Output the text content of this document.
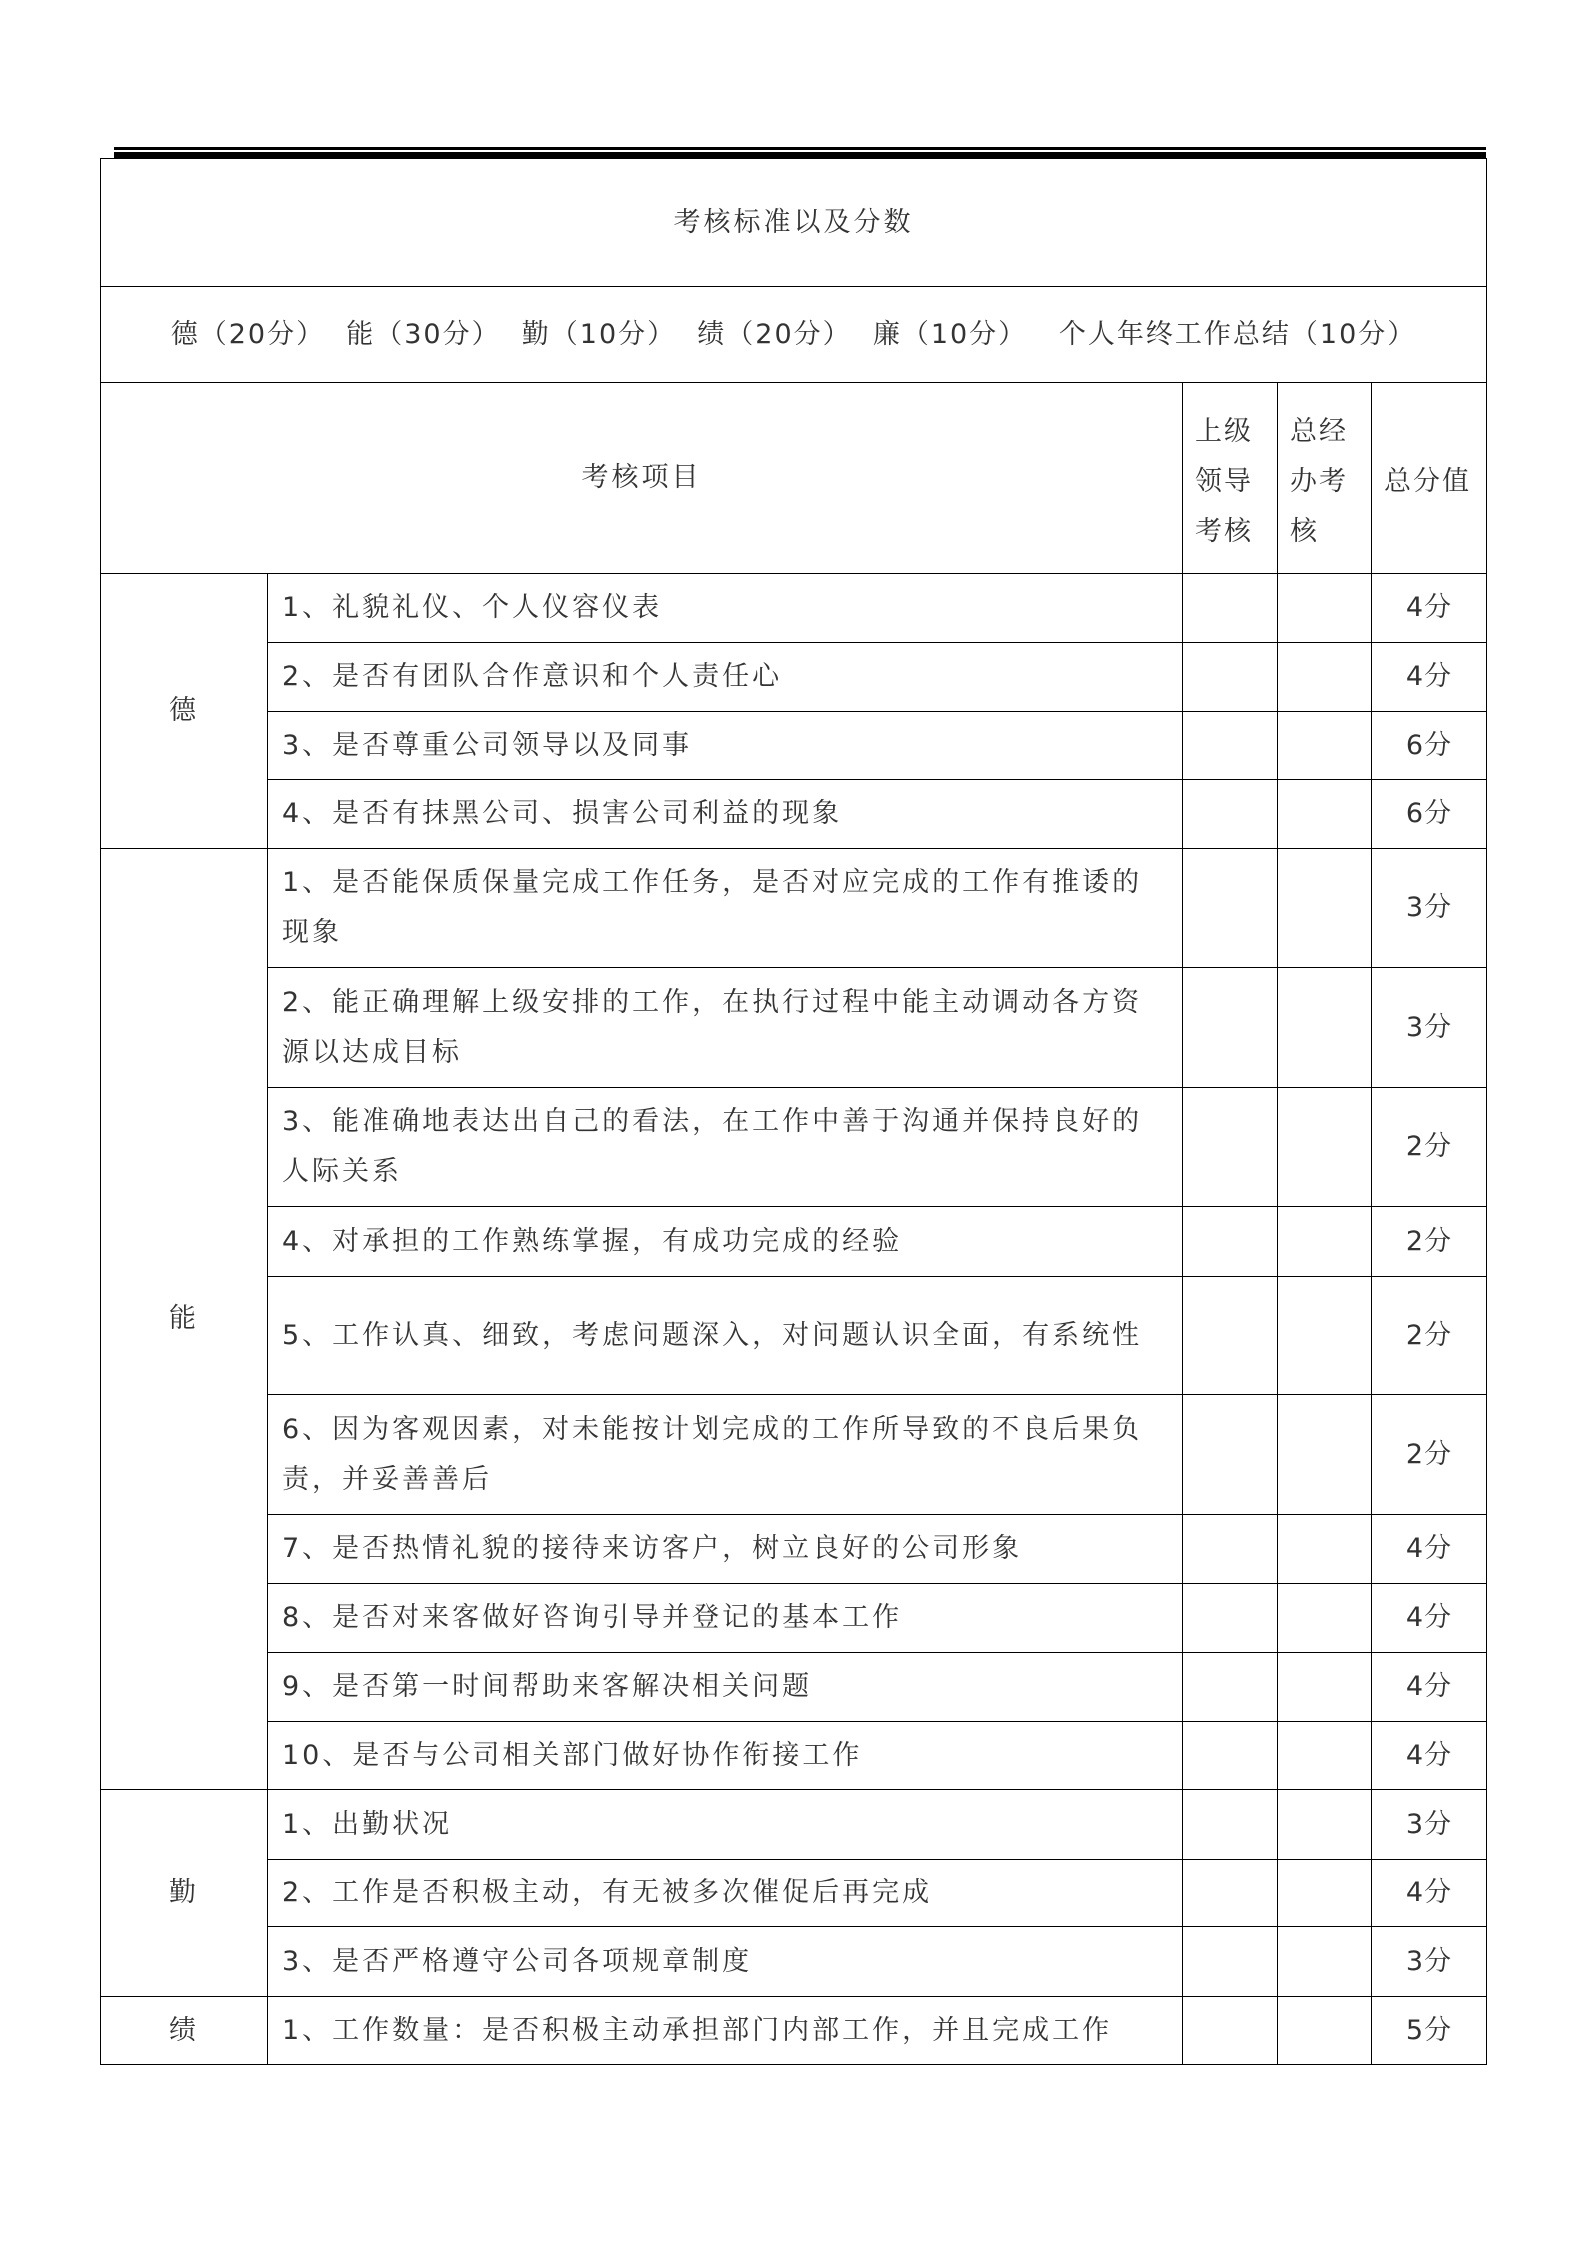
考核标准以及分数				
德（20分）  能（30分）  勤（10分）  绩（20分）  廉（10分）   个人年终工作总结（10分）				
考核项目		上级领导考核	总经办考核	总分值
德	1、礼貌礼仪、个人仪容仪表			4分
	2、是否有团队合作意识和个人责任心			4分
	3、是否尊重公司领导以及同事			6分
	4、是否有抹黑公司、损害公司利益的现象			6分
能	1、是否能保质保量完成工作任务，是否对应完成的工作有推诿的现象			3分
	2、能正确理解上级安排的工作，在执行过程中能主动调动各方资源以达成目标			3分
	3、能准确地表达出自己的看法，在工作中善于沟通并保持良好的人际关系			2分
	4、对承担的工作熟练掌握，有成功完成的经验			2分
	5、工作认真、细致，考虑问题深入，对问题认识全面，有系统性			2分
	6、因为客观因素，对未能按计划完成的工作所导致的不良后果负责，并妥善善后			2分
	7、是否热情礼貌的接待来访客户，树立良好的公司形象			4分
	8、是否对来客做好咨询引导并登记的基本工作			4分
	9、是否第一时间帮助来客解决相关问题			4分
	10、是否与公司相关部门做好协作衔接工作			4分
勤	1、出勤状况			3分
	2、工作是否积极主动，有无被多次催促后再完成			4分
	3、是否严格遵守公司各项规章制度			3分
绩	1、工作数量：是否积极主动承担部门内部工作，并且完成工作			5分
